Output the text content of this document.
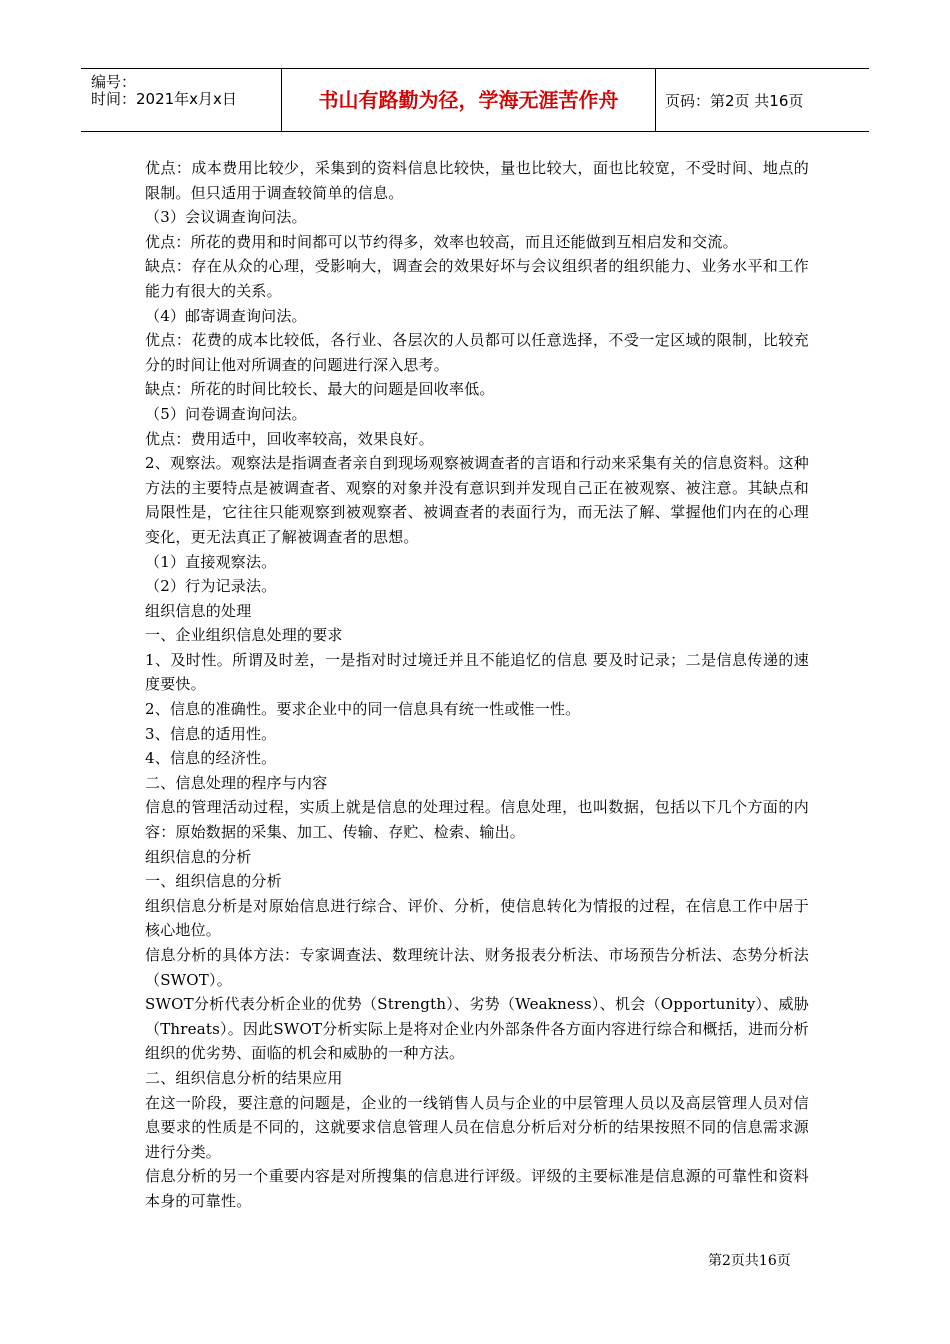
编号：
时间：2021年x月x日	书山有路勤为径，学海无涯苦作舟	页码：第2页 共16页

优点：成本费用比较少，采集到的资料信息比较快，量也比较大，面也比较宽，不受时间、地点的限制。但只适用于调查较简单的信息。

（3）会议调查询问法。

优点：所花的费用和时间都可以节约得多，效率也较高，而且还能做到互相启发和交流。

缺点：存在从众的心理，受影响大，调查会的效果好坏与会议组织者的组织能力、业务水平和工作能力有很大的关系。

（4）邮寄调查询问法。

优点：花费的成本比较低，各行业、各层次的人员都可以任意选择，不受一定区域的限制，比较充分的时间让他对所调查的问题进行深入思考。

缺点：所花的时间比较长、最大的问题是回收率低。

（5）问卷调查询问法。

优点：费用适中，回收率较高，效果良好。

2、观察法。观察法是指调查者亲自到现场观察被调查者的言语和行动来采集有关的信息资料。这种方法的主要特点是被调查者、观察的对象并没有意识到并发现自己正在被观察、被注意。其缺点和局限性是，它往往只能观察到被观察者、被调查者的表面行为，而无法了解、掌握他们内在的心理变化，更无法真正了解被调查者的思想。

（1）直接观察法。

（2）行为记录法。

组织信息的处理

一、企业组织信息处理的要求

1、及时性。所谓及时差，一是指对时过境迁并且不能追忆的信息 要及时记录；二是信息传递的速度要快。

2、信息的准确性。要求企业中的同一信息具有统一性或惟一性。

3、信息的适用性。

4、信息的经济性。

二、信息处理的程序与内容

信息的管理活动过程，实质上就是信息的处理过程。信息处理，也叫数据，包括以下几个方面的内容：原始数据的采集、加工、传输、存贮、检索、输出。

组织信息的分析

一、组织信息的分析

组织信息分析是对原始信息进行综合、评价、分析，使信息转化为情报的过程，在信息工作中居于核心地位。

信息分析的具体方法：专家调查法、数理统计法、财务报表分析法、市场预告分析法、态势分析法（SWOT）。

SWOT分析代表分析企业的优势（Strength）、劣势（Weakness）、机会（Opportunity）、威胁（Threats）。因此SWOT分析实际上是将对企业内外部条件各方面内容进行综合和概括，进而分析组织的优劣势、面临的机会和威胁的一种方法。

二、组织信息分析的结果应用

在这一阶段，要注意的问题是，企业的一线销售人员与企业的中层管理人员以及高层管理人员对信息要求的性质是不同的，这就要求信息管理人员在信息分析后对分析的结果按照不同的信息需求源进行分类。

信息分析的另一个重要内容是对所搜集的信息进行评级。评级的主要标准是信息源的可靠性和资料本身的可靠性。

第2页共16页
